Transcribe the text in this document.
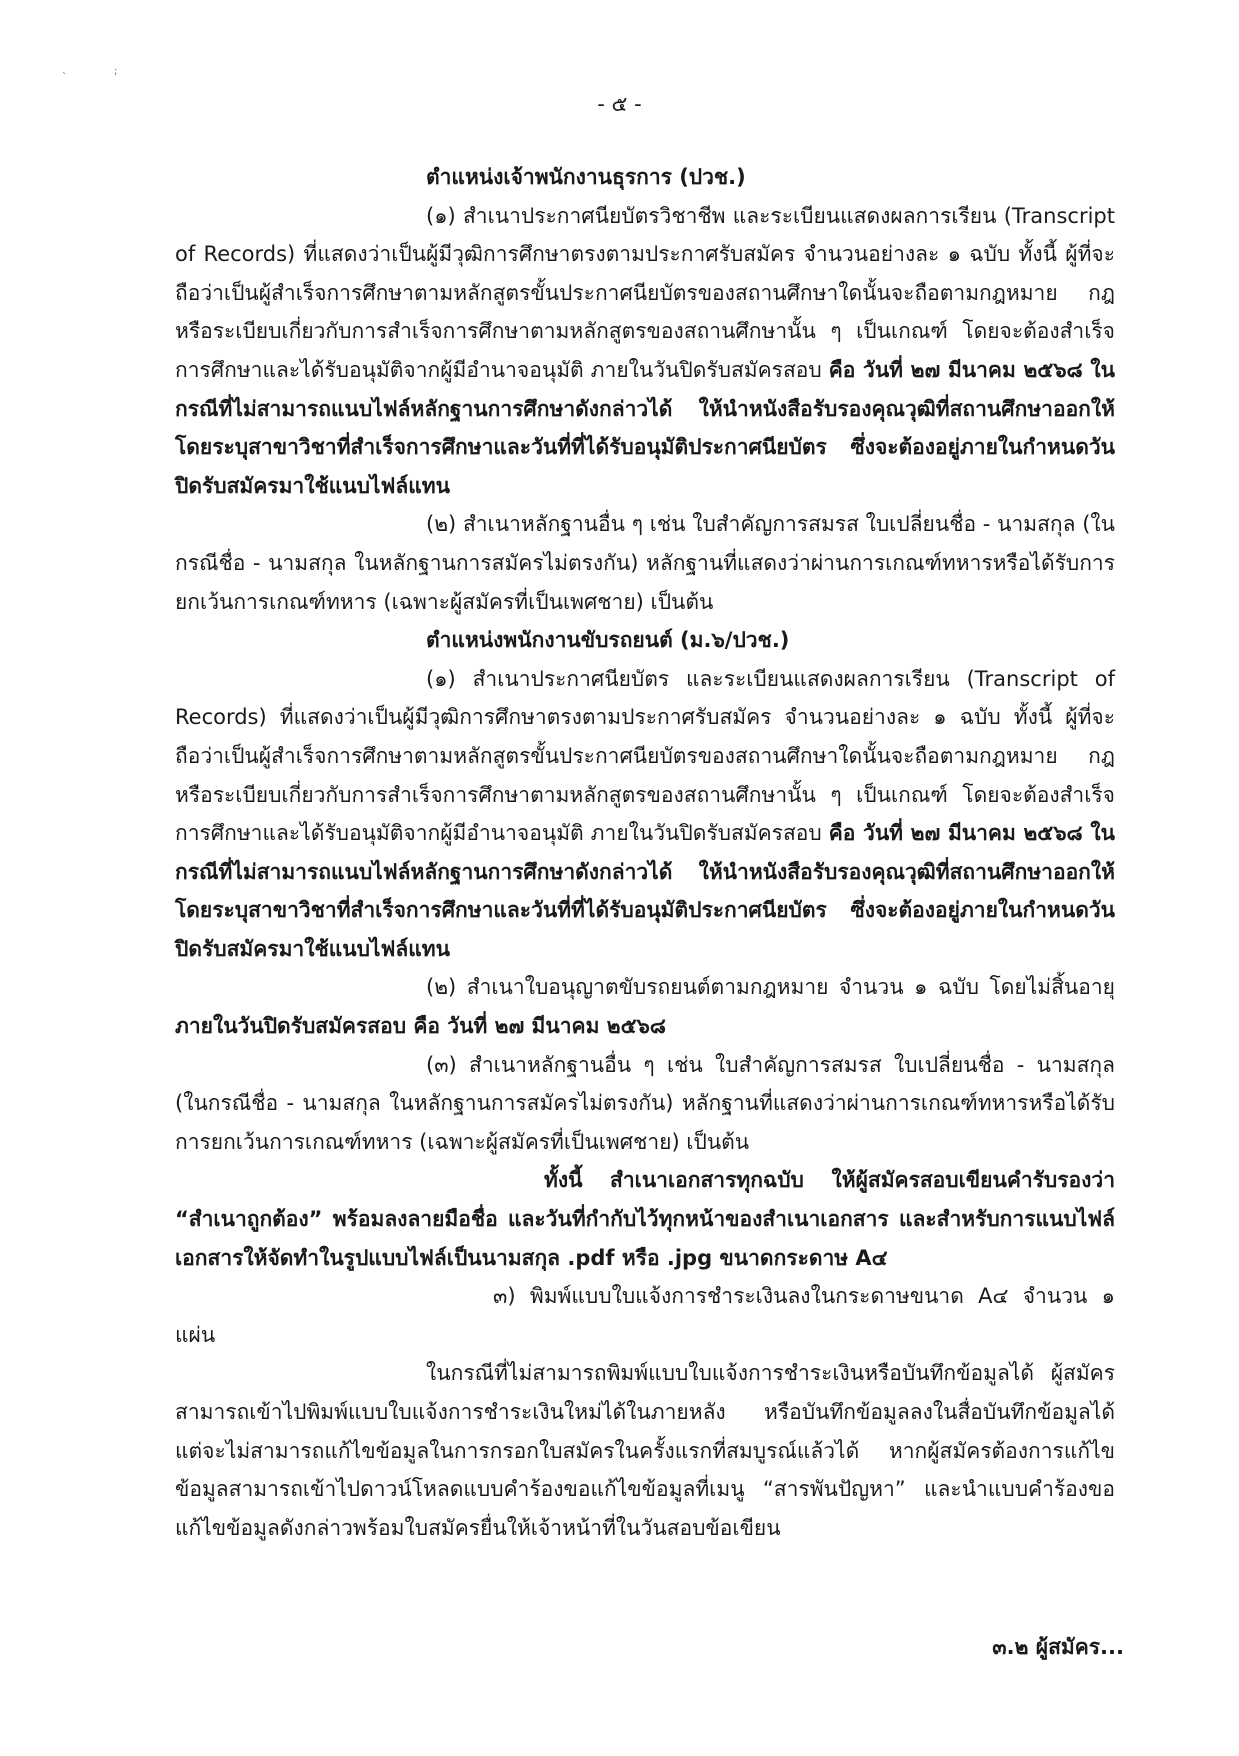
`
;
- ๕ -

ตำแหน่งเจ้าพนักงานธุรการ (ปวช.)

(๑) สำเนาประกาศนียบัตรวิชาชีพ และระเบียนแสดงผลการเรียน (Transcript of Records) ที่แสดงว่าเป็นผู้มีวุฒิการศึกษาตรงตามประกาศรับสมัคร จำนวนอย่างละ ๑ ฉบับ ทั้งนี้ ผู้ที่จะถือว่าเป็นผู้สำเร็จการศึกษาตามหลักสูตรขั้นประกาศนียบัตรของสถานศึกษาใดนั้นจะถือตามกฎหมาย กฎ หรือระเบียบเกี่ยวกับการสำเร็จการศึกษาตามหลักสูตรของสถานศึกษานั้น ๆ เป็นเกณฑ์ โดยจะต้องสำเร็จการศึกษาและได้รับอนุมัติจากผู้มีอำนาจอนุมัติ ภายในวันปิดรับสมัครสอบ คือ วันที่ ๒๗ มีนาคม ๒๕๖๘ ในกรณีที่ไม่สามารถแนบไฟล์หลักฐานการศึกษาดังกล่าวได้ ให้นำหนังสือรับรองคุณวุฒิที่สถานศึกษาออกให้ โดยระบุสาขาวิชาที่สำเร็จการศึกษาและวันที่ที่ได้รับอนุมัติประกาศนียบัตร ซึ่งจะต้องอยู่ภายในกำหนดวันปิดรับสมัครมาใช้แนบไฟล์แทน

(๒) สำเนาหลักฐานอื่น ๆ เช่น ใบสำคัญการสมรส ใบเปลี่ยนชื่อ - นามสกุล (ในกรณีชื่อ - นามสกุล ในหลักฐานการสมัครไม่ตรงกัน) หลักฐานที่แสดงว่าผ่านการเกณฑ์ทหารหรือได้รับการยกเว้นการเกณฑ์ทหาร (เฉพาะผู้สมัครที่เป็นเพศชาย) เป็นต้น

ตำแหน่งพนักงานขับรถยนต์ (ม.๖/ปวช.)

(๑) สำเนาประกาศนียบัตร และระเบียนแสดงผลการเรียน (Transcript of Records) ที่แสดงว่าเป็นผู้มีวุฒิการศึกษาตรงตามประกาศรับสมัคร จำนวนอย่างละ ๑ ฉบับ ทั้งนี้ ผู้ที่จะถือว่าเป็นผู้สำเร็จการศึกษาตามหลักสูตรขั้นประกาศนียบัตรของสถานศึกษาใดนั้นจะถือตามกฎหมาย กฎ หรือระเบียบเกี่ยวกับการสำเร็จการศึกษาตามหลักสูตรของสถานศึกษานั้น ๆ เป็นเกณฑ์ โดยจะต้องสำเร็จการศึกษาและได้รับอนุมัติจากผู้มีอำนาจอนุมัติ ภายในวันปิดรับสมัครสอบ คือ วันที่ ๒๗ มีนาคม ๒๕๖๘ ในกรณีที่ไม่สามารถแนบไฟล์หลักฐานการศึกษาดังกล่าวได้ ให้นำหนังสือรับรองคุณวุฒิที่สถานศึกษาออกให้ โดยระบุสาขาวิชาที่สำเร็จการศึกษาและวันที่ที่ได้รับอนุมัติประกาศนียบัตร ซึ่งจะต้องอยู่ภายในกำหนดวันปิดรับสมัครมาใช้แนบไฟล์แทน

(๒) สำเนาใบอนุญาตขับรถยนต์ตามกฎหมาย จำนวน ๑ ฉบับ โดยไม่สิ้นอายุ ภายในวันปิดรับสมัครสอบ คือ วันที่ ๒๗ มีนาคม ๒๕๖๘

(๓) สำเนาหลักฐานอื่น ๆ เช่น ใบสำคัญการสมรส ใบเปลี่ยนชื่อ - นามสกุล (ในกรณีชื่อ - นามสกุล ในหลักฐานการสมัครไม่ตรงกัน) หลักฐานที่แสดงว่าผ่านการเกณฑ์ทหารหรือได้รับการยกเว้นการเกณฑ์ทหาร (เฉพาะผู้สมัครที่เป็นเพศชาย) เป็นต้น

ทั้งนี้ สำเนาเอกสารทุกฉบับ ให้ผู้สมัครสอบเขียนคำรับรองว่า “สำเนาถูกต้อง” พร้อมลงลายมือชื่อ และวันที่กำกับไว้ทุกหน้าของสำเนาเอกสาร และสำหรับการแนบไฟล์เอกสารให้จัดทำในรูปแบบไฟล์เป็นนามสกุล .pdf หรือ .jpg ขนาดกระดาษ A๔

๓) พิมพ์แบบใบแจ้งการชำระเงินลงในกระดาษขนาด A๔ จำนวน ๑ แผ่น

ในกรณีที่ไม่สามารถพิมพ์แบบใบแจ้งการชำระเงินหรือบันทึกข้อมูลได้ ผู้สมัครสามารถเข้าไปพิมพ์แบบใบแจ้งการชำระเงินใหม่ได้ในภายหลัง หรือบันทึกข้อมูลลงในสื่อบันทึกข้อมูลได้ แต่จะไม่สามารถแก้ไขข้อมูลในการกรอกใบสมัครในครั้งแรกที่สมบูรณ์แล้วได้ หากผู้สมัครต้องการแก้ไขข้อมูลสามารถเข้าไปดาวน์โหลดแบบคำร้องขอแก้ไขข้อมูลที่เมนู “สารพันปัญหา” และนำแบบคำร้องขอแก้ไขข้อมูลดังกล่าวพร้อมใบสมัครยื่นให้เจ้าหน้าที่ในวันสอบข้อเขียน

๓.๒ ผู้สมัคร...
